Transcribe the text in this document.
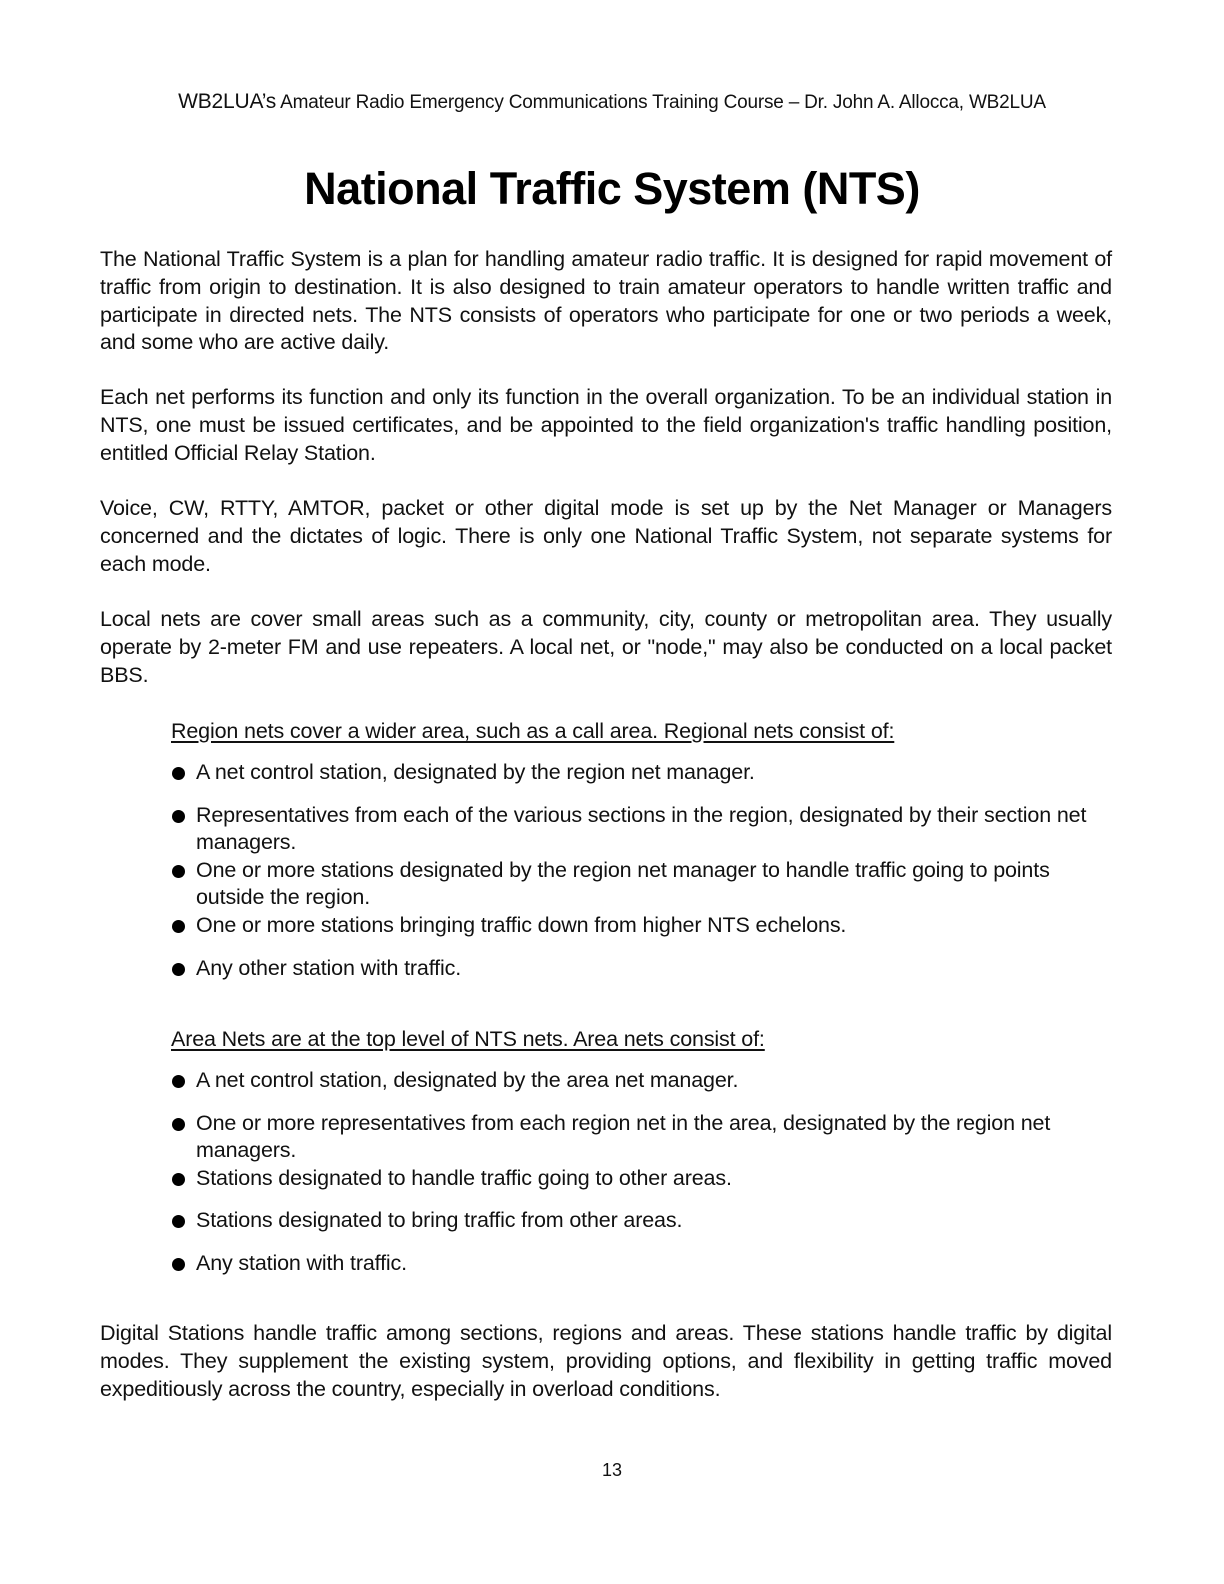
WB2LUA’s Amateur Radio Emergency Communications Training Course – Dr. John A. Allocca, WB2LUA
National Traffic System (NTS)

The National Traffic System is a plan for handling amateur radio traffic. It is designed for rapid movement of traffic from origin to destination. It is also designed to train amateur operators to handle written traffic and participate in directed nets. The NTS consists of operators who participate for one or two periods a week, and some who are active daily.

Each net performs its function and only its function in the overall organization. To be an individual station in NTS, one must be issued certificates, and be appointed to the field organization's traffic handling position, entitled Official Relay Station.

Voice, CW, RTTY, AMTOR, packet or other digital mode is set up by the Net Manager or Managers concerned and the dictates of logic. There is only one National Traffic System, not separate systems for each mode.

Local nets are cover small areas such as a community, city, county or metropolitan area. They usually operate by 2-meter FM and use repeaters. A local net, or "node," may also be conducted on a local packet BBS.

Region nets cover a wider area, such as a call area. Regional nets consist of:

A net control station, designated by the region net manager.
Representatives from each of the various sections in the region, designated by their section net managers.
One or more stations designated by the region net manager to handle traffic going to points outside the region.
One or more stations bringing traffic down from higher NTS echelons.
Any other station with traffic.

Area Nets are at the top level of NTS nets. Area nets consist of:

A net control station, designated by the area net manager.
One or more representatives from each region net in the area, designated by the region net managers.
Stations designated to handle traffic going to other areas.
Stations designated to bring traffic from other areas.
Any station with traffic.

Digital Stations handle traffic among sections, regions and areas. These stations handle traffic by digital modes. They supplement the existing system, providing options, and flexibility in getting traffic moved expeditiously across the country, especially in overload conditions.

13
